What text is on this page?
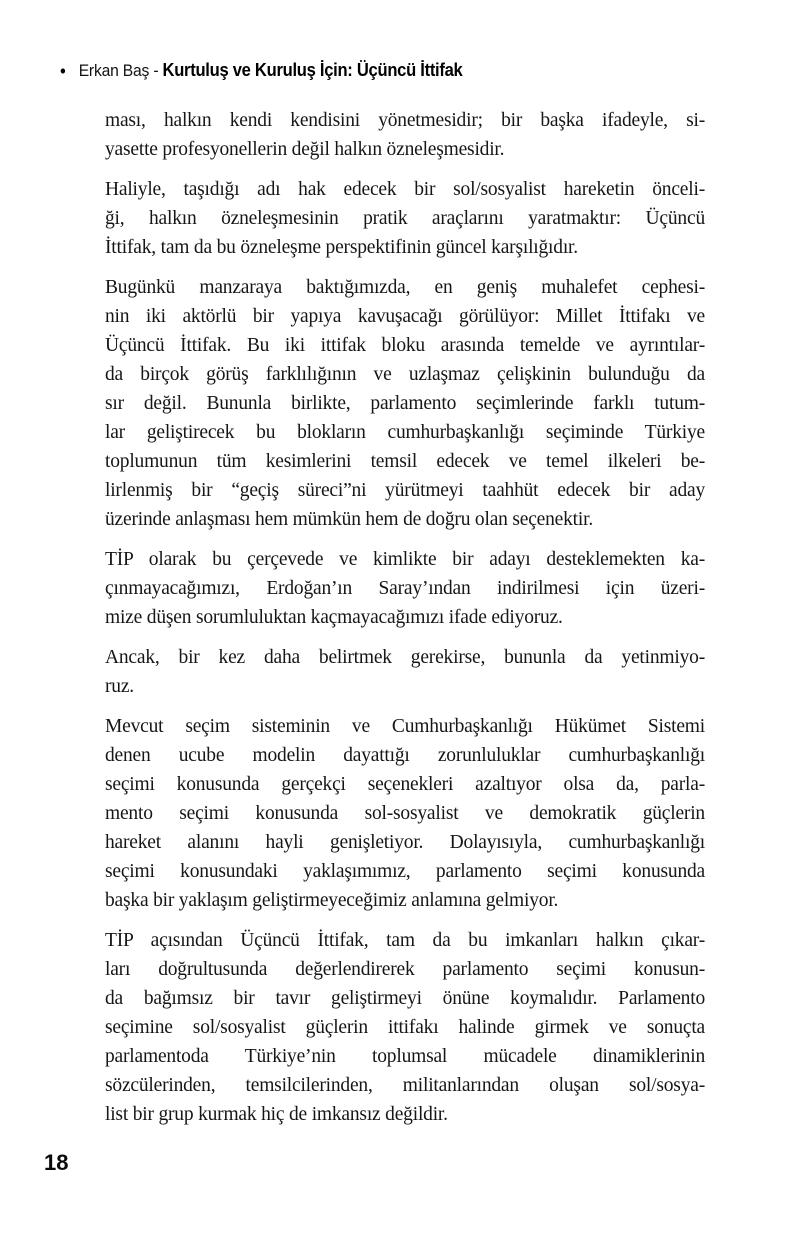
• Erkan Baş - Kurtuluş ve Kuruluş İçin: Üçüncü İttifak
ması, halkın kendi kendisini yönetmesidir; bir başka ifadeyle, si-
yasette profesyonellerin değil halkın özneleşmesidir.
Haliyle, taşıdığı adı hak edecek bir sol/sosyalist hareketin önceli-
ği, halkın özneleşmesinin pratik araçlarını yaratmaktır: Üçüncü
İttifak, tam da bu özneleşme perspektifinin güncel karşılığıdır.
Bugünkü manzaraya baktığımızda, en geniş muhalefet cephesi-
nin iki aktörlü bir yapıya kavuşacağı görülüyor: Millet İttifakı ve
Üçüncü İttifak. Bu iki ittifak bloku arasında temelde ve ayrıntılar-
da birçok görüş farklılığının ve uzlaşmaz çelişkinin bulunduğu da
sır değil. Bununla birlikte, parlamento seçimlerinde farklı tutum-
lar geliştirecek bu blokların cumhurbaşkanlığı seçiminde Türkiye
toplumunun tüm kesimlerini temsil edecek ve temel ilkeleri be-
lirlenmiş bir “geçiş süreci”ni yürütmeyi taahhüt edecek bir aday
üzerinde anlaşması hem mümkün hem de doğru olan seçenektir.
TİP olarak bu çerçevede ve kimlikte bir adayı desteklemekten ka-
çınmayacağımızı, Erdoğan’ın Saray’ından indirilmesi için üzeri-
mize düşen sorumluluktan kaçmayacağımızı ifade ediyoruz.
Ancak, bir kez daha belirtmek gerekirse, bununla da yetinmiyo-
ruz.
Mevcut seçim sisteminin ve Cumhurbaşkanlığı Hükümet Sistemi
denen ucube modelin dayattığı zorunluluklar cumhurbaşkanlığı
seçimi konusunda gerçekçi seçenekleri azaltıyor olsa da, parla-
mento seçimi konusunda sol-sosyalist ve demokratik güçlerin
hareket alanını hayli genişletiyor. Dolayısıyla, cumhurbaşkanlığı
seçimi konusundaki yaklaşımımız, parlamento seçimi konusunda
başka bir yaklaşım geliştirmeyeceğimiz anlamına gelmiyor.
TİP açısından Üçüncü İttifak, tam da bu imkanları halkın çıkar-
ları doğrultusunda değerlendirerek parlamento seçimi konusun-
da bağımsız bir tavır geliştirmeyi önüne koymalıdır. Parlamento
seçimine sol/sosyalist güçlerin ittifakı halinde girmek ve sonuçta
parlamentoda Türkiye’nin toplumsal mücadele dinamiklerinin
sözcülerinden, temsilcilerinden, militanlarından oluşan sol/sosya-
list bir grup kurmak hiç de imkansız değildir.
18
